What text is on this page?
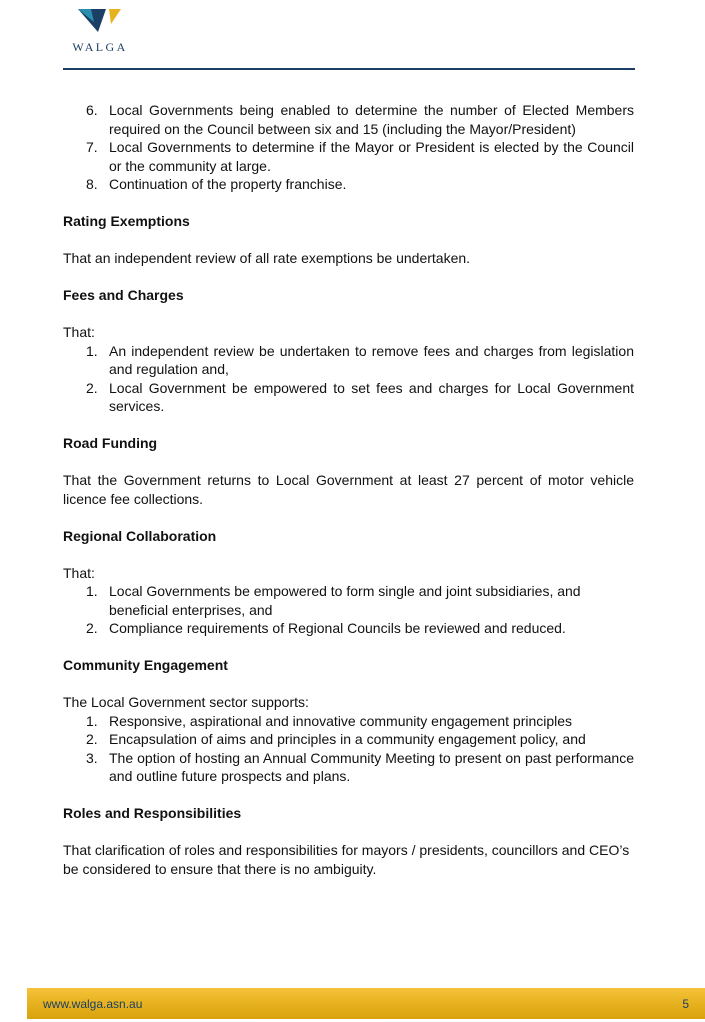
WALGA
6. Local Governments being enabled to determine the number of Elected Members required on the Council between six and 15 (including the Mayor/President)
7. Local Governments to determine if the Mayor or President is elected by the Council or the community at large.
8. Continuation of the property franchise.

Rating Exemptions

That an independent review of all rate exemptions be undertaken.

Fees and Charges

That:

1. An independent review be undertaken to remove fees and charges from legislation and regulation and,
2. Local Government be empowered to set fees and charges for Local Government services.

Road Funding

That the Government returns to Local Government at least 27 percent of motor vehicle licence fee collections.

Regional Collaboration

That:

1. Local Governments be empowered to form single and joint subsidiaries, and beneficial enterprises, and
2. Compliance requirements of Regional Councils be reviewed and reduced.

Community Engagement

The Local Government sector supports:

1. Responsive, aspirational and innovative community engagement principles
2. Encapsulation of aims and principles in a community engagement policy, and
3. The option of hosting an Annual Community Meeting to present on past performance and outline future prospects and plans.

Roles and Responsibilities

That clarification of roles and responsibilities for mayors / presidents, councillors and CEO’s be considered to ensure that there is no ambiguity.

www.walga.asn.au	5
